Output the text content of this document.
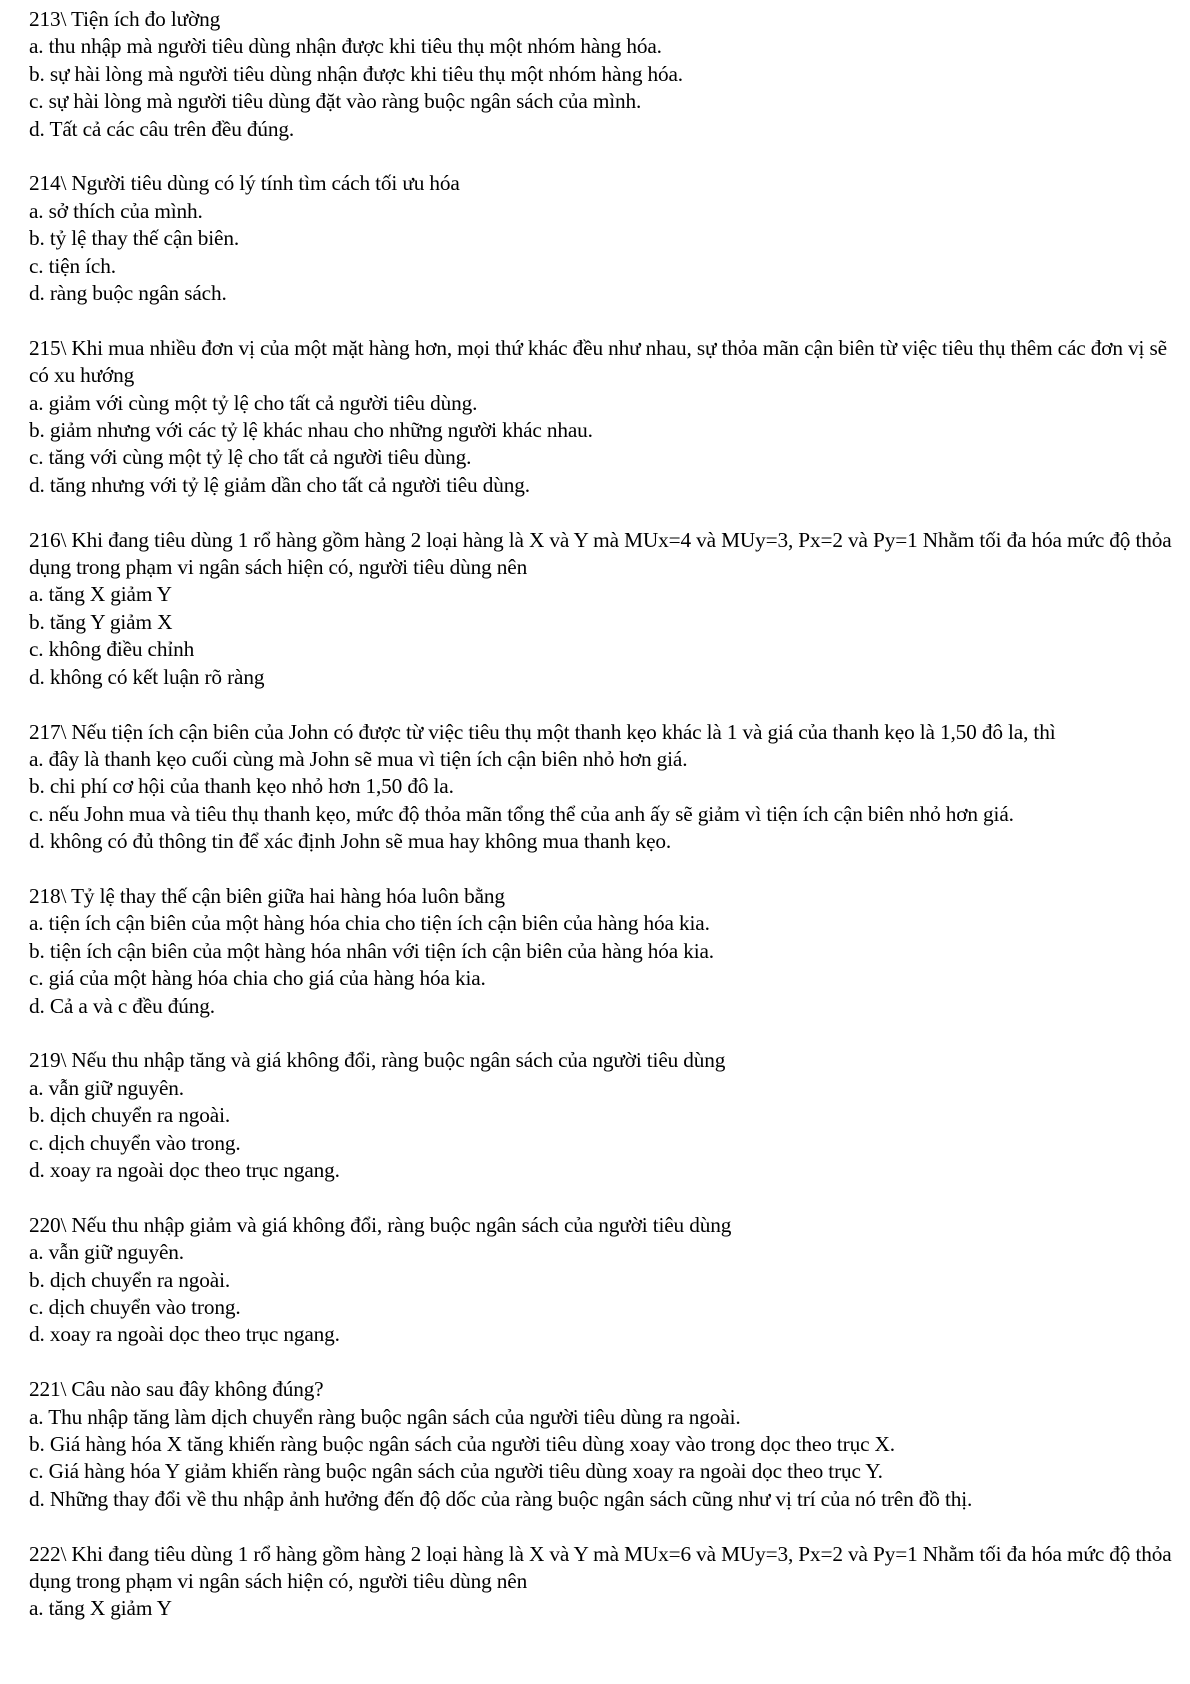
213\ Tiện ích đo lường

a. thu nhập mà người tiêu dùng nhận được khi tiêu thụ một nhóm hàng hóa.

b. sự hài lòng mà người tiêu dùng nhận được khi tiêu thụ một nhóm hàng hóa.

c. sự hài lòng mà người tiêu dùng đặt vào ràng buộc ngân sách của mình.

d. Tất cả các câu trên đều đúng.

214\ Người tiêu dùng có lý tính tìm cách tối ưu hóa

a. sở thích của mình.

b. tỷ lệ thay thế cận biên.

c. tiện ích.

d. ràng buộc ngân sách.

215\ Khi mua nhiều đơn vị của một mặt hàng hơn, mọi thứ khác đều như nhau, sự thỏa mãn cận biên từ việc tiêu thụ thêm các đơn vị sẽ có xu hướng

a. giảm với cùng một tỷ lệ cho tất cả người tiêu dùng.

b. giảm nhưng với các tỷ lệ khác nhau cho những người khác nhau.

c. tăng với cùng một tỷ lệ cho tất cả người tiêu dùng.

d. tăng nhưng với tỷ lệ giảm dần cho tất cả người tiêu dùng.

216\ Khi đang tiêu dùng 1 rổ hàng gồm hàng 2 loại hàng là X và Y mà MUx=4 và MUy=3, Px=2 và Py=1 Nhằm tối đa hóa mức độ thỏa dụng trong phạm vi ngân sách hiện có, người tiêu dùng nên

a. tăng X giảm Y

b. tăng Y giảm X

c. không điều chỉnh

d. không có kết luận rõ ràng

217\ Nếu tiện ích cận biên của John có được từ việc tiêu thụ một thanh kẹo khác là 1 và giá của thanh kẹo là 1,50 đô la, thì

a. đây là thanh kẹo cuối cùng mà John sẽ mua vì tiện ích cận biên nhỏ hơn giá.

b. chi phí cơ hội của thanh kẹo nhỏ hơn 1,50 đô la.

c. nếu John mua và tiêu thụ thanh kẹo, mức độ thỏa mãn tổng thể của anh ấy sẽ giảm vì tiện ích cận biên nhỏ hơn giá.

d. không có đủ thông tin để xác định John sẽ mua hay không mua thanh kẹo.

218\ Tỷ lệ thay thế cận biên giữa hai hàng hóa luôn bằng

a. tiện ích cận biên của một hàng hóa chia cho tiện ích cận biên của hàng hóa kia.

b. tiện ích cận biên của một hàng hóa nhân với tiện ích cận biên của hàng hóa kia.

c. giá của một hàng hóa chia cho giá của hàng hóa kia.

d. Cả a và c đều đúng.

219\ Nếu thu nhập tăng và giá không đổi, ràng buộc ngân sách của người tiêu dùng

a. vẫn giữ nguyên.

b. dịch chuyển ra ngoài.

c. dịch chuyển vào trong.

d. xoay ra ngoài dọc theo trục ngang.

220\ Nếu thu nhập giảm và giá không đổi, ràng buộc ngân sách của người tiêu dùng

a. vẫn giữ nguyên.

b. dịch chuyển ra ngoài.

c. dịch chuyển vào trong.

d. xoay ra ngoài dọc theo trục ngang.

221\ Câu nào sau đây không đúng?

a. Thu nhập tăng làm dịch chuyển ràng buộc ngân sách của người tiêu dùng ra ngoài.

b. Giá hàng hóa X tăng khiến ràng buộc ngân sách của người tiêu dùng xoay vào trong dọc theo trục X.

c. Giá hàng hóa Y giảm khiến ràng buộc ngân sách của người tiêu dùng xoay ra ngoài dọc theo trục Y.

d. Những thay đổi về thu nhập ảnh hưởng đến độ dốc của ràng buộc ngân sách cũng như vị trí của nó trên đồ thị.

222\ Khi đang tiêu dùng 1 rổ hàng gồm hàng 2 loại hàng là X và Y mà MUx=6 và MUy=3, Px=2 và Py=1 Nhằm tối đa hóa mức độ thỏa dụng trong phạm vi ngân sách hiện có, người tiêu dùng nên

a. tăng X giảm Y
